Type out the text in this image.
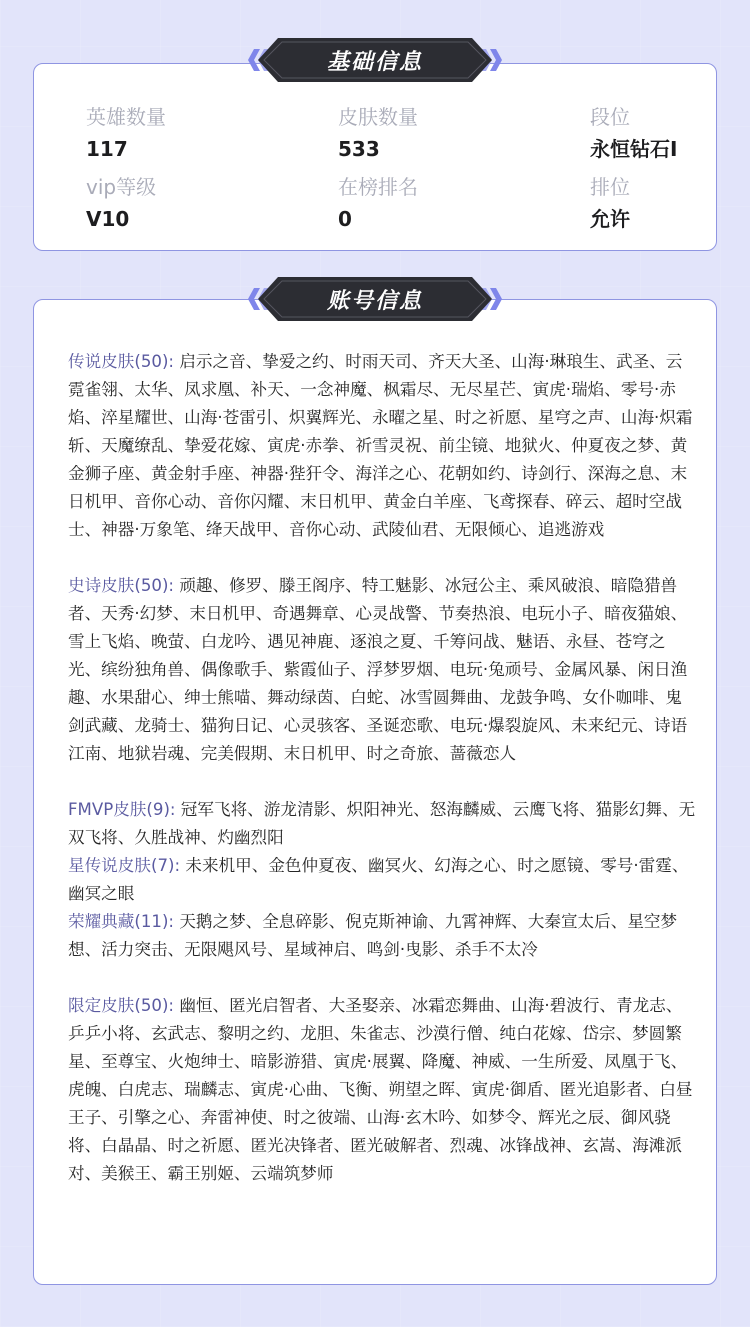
英雄数量
117
皮肤数量
533
段位
永恒钻石I
vip等级
V10
在榜排名
0
排位
允许
基础信息
传说皮肤(50): 启示之音、挚爱之约、时雨天司、齐天大圣、山海·琳琅生、武圣、云霓雀翎、太华、凤求凰、补天、一念神魔、枫霜尽、无尽星芒、寅虎·瑞焰、零号·赤焰、淬星耀世、山海·苍雷引、炽翼辉光、永曜之星、时之祈愿、星穹之声、山海·炽霜斩、天魔缭乱、挚爱花嫁、寅虎·赤拳、祈雪灵祝、前尘镜、地狱火、仲夏夜之梦、黄金狮子座、黄金射手座、神器·狴犴令、海洋之心、花朝如约、诗剑行、深海之息、末日机甲、音你心动、音你闪耀、末日机甲、黄金白羊座、飞鸢探春、碎云、超时空战士、神器·万象笔、绛天战甲、音你心动、武陵仙君、无限倾心、追逃游戏
史诗皮肤(50): 顽趣、修罗、滕王阁序、特工魅影、冰冠公主、乘风破浪、暗隐猎兽者、天秀·幻梦、末日机甲、奇遇舞章、心灵战警、节奏热浪、电玩小子、暗夜猫娘、雪上飞焰、晚萤、白龙吟、遇见神鹿、逐浪之夏、千筹问战、魅语、永昼、苍穹之光、缤纷独角兽、偶像歌手、紫霞仙子、浮梦罗烟、电玩·兔顽号、金属风暴、闲日渔趣、水果甜心、绅士熊喵、舞动绿茵、白蛇、冰雪圆舞曲、龙鼓争鸣、女仆咖啡、鬼剑武藏、龙骑士、猫狗日记、心灵骇客、圣诞恋歌、电玩·爆裂旋风、未来纪元、诗语江南、地狱岩魂、完美假期、末日机甲、时之奇旅、蔷薇恋人
FMVP皮肤(9): 冠军飞将、游龙清影、炽阳神光、怒海麟威、云鹰飞将、猫影幻舞、无双飞将、久胜战神、灼幽烈阳
星传说皮肤(7): 未来机甲、金色仲夏夜、幽冥火、幻海之心、时之愿镜、零号·雷霆、幽冥之眼
荣耀典藏(11): 天鹅之梦、全息碎影、倪克斯神谕、九霄神辉、大秦宣太后、星空梦想、活力突击、无限飓风号、星域神启、鸣剑·曳影、杀手不太冷
限定皮肤(50): 幽恒、匿光启智者、大圣娶亲、冰霜恋舞曲、山海·碧波行、青龙志、乒乒小将、玄武志、黎明之约、龙胆、朱雀志、沙漠行僧、纯白花嫁、岱宗、梦圆繁星、至尊宝、火炮绅士、暗影游猎、寅虎·展翼、降魔、神威、一生所爱、凤凰于飞、虎魄、白虎志、瑞麟志、寅虎·心曲、飞衡、朔望之晖、寅虎·御盾、匿光追影者、白昼王子、引擎之心、奔雷神使、时之彼端、山海·玄木吟、如梦令、辉光之辰、御风骁将、白晶晶、时之祈愿、匿光决锋者、匿光破解者、烈魂、冰锋战神、玄嵩、海滩派对、美猴王、霸王别姬、云端筑梦师
账号信息
